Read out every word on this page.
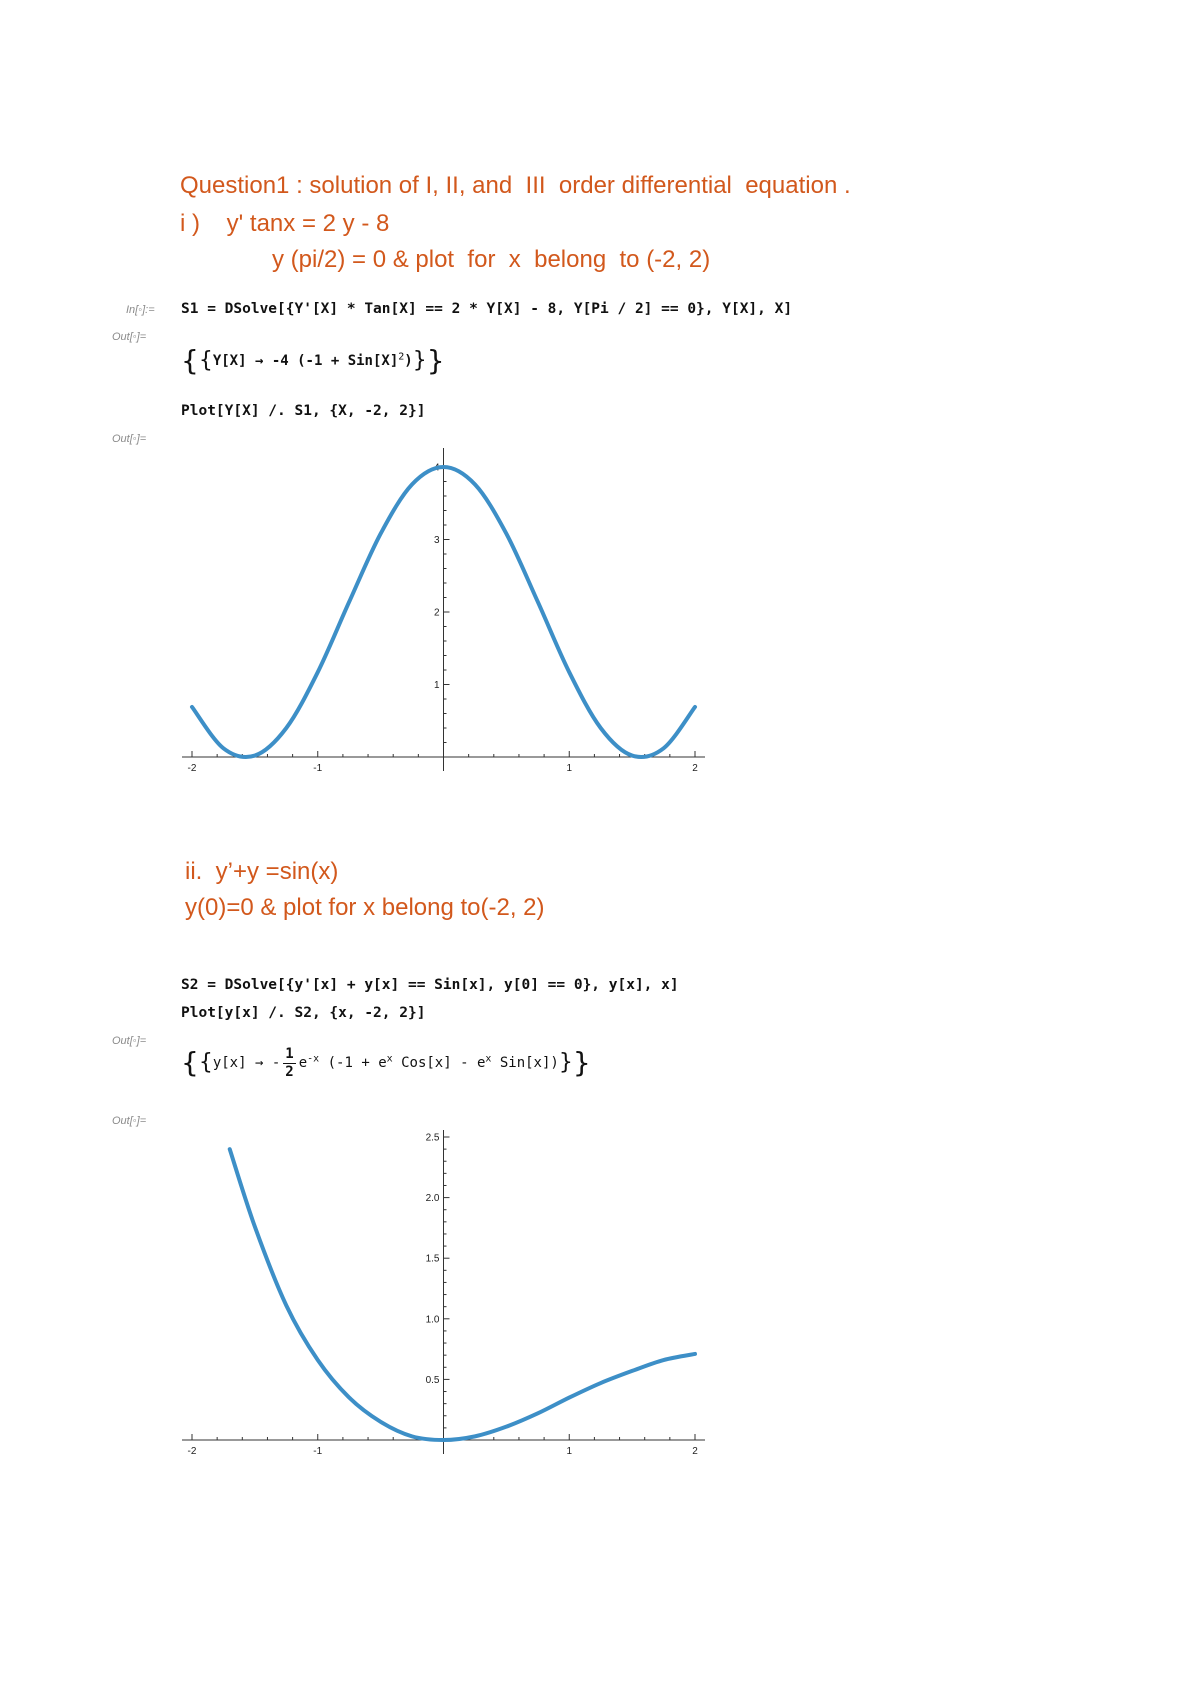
Question1 : solution of I, II, and  III  order differential  equation .
i )    y' tanx = 2 y - 8
y (pi/2) = 0 & plot  for  x  belong  to (-2, 2)
In[◦]:= S1 = DSolve[{Y'[X] * Tan[X] == 2 * Y[X] - 8, Y[Pi / 2] == 0}, Y[X], X]
Out[◦]=
{{Y[X] → -4 $(-1 + Sin[X]^2)$}}
Plot[Y[X] /. S1, {X, -2, 2}]
Out[◦]=
-2	-1	1	2
1
2
3
4
ii.  y’+y =sin(x)
y(0)=0 & plot for x belong to(-2, 2)
S2 = DSolve[{y'[x] + y[x] == Sin[x], y[0] == 0}, y[x], x]
Plot[y[x] /. S2, {x, -2, 2}]
Out[◦]=
{{y[x] → - $\frac{1}{2} e^{-x}$ ($-1 + e^x$ $Cos[x] - e^x$ Sin[x])}}
Out[◦]=
-2	-1	1	2
0.5
1.0
1.5
2.0
2.5
